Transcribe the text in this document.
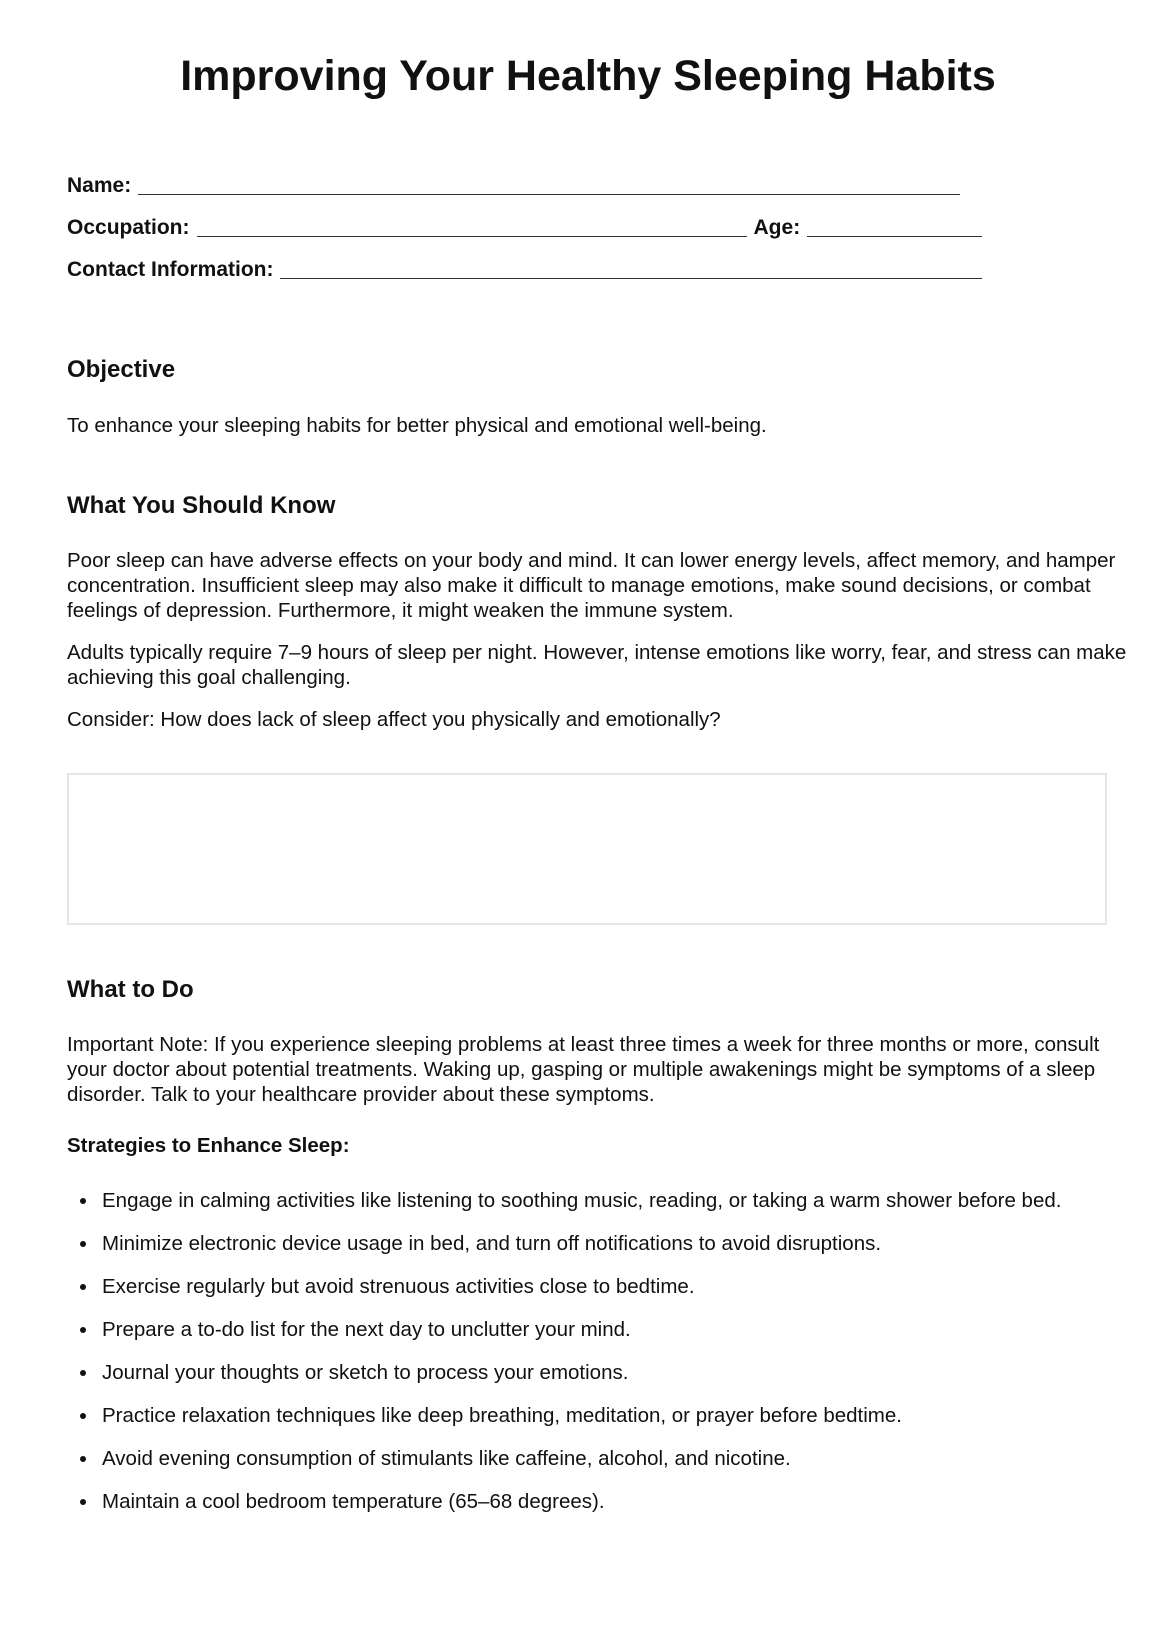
Improving Your Healthy Sleeping Habits
Name:
Occupation:	Age:
Contact Information:
Objective

To enhance your sleeping habits for better physical and emotional well-being.

What You Should Know

Poor sleep can have adverse effects on your body and mind. It can lower energy levels, affect memory, and hamper concentration. Insufficient sleep may also make it difficult to manage emotions, make sound decisions, or combat feelings of depression. Furthermore, it might weaken the immune system.

Adults typically require 7–9 hours of sleep per night. However, intense emotions like worry, fear, and stress can make achieving this goal challenging.

Consider: How does lack of sleep affect you physically and emotionally?

What to Do

Important Note: If you experience sleeping problems at least three times a week for three months or more, consult your doctor about potential treatments. Waking up, gasping or multiple awakenings might be symptoms of a sleep disorder. Talk to your healthcare provider about these symptoms.

Strategies to Enhance Sleep:
Engage in calming activities like listening to soothing music, reading, or taking a warm shower before bed.
Minimize electronic device usage in bed, and turn off notifications to avoid disruptions.
Exercise regularly but avoid strenuous activities close to bedtime.
Prepare a to-do list for the next day to unclutter your mind.
Journal your thoughts or sketch to process your emotions.
Practice relaxation techniques like deep breathing, meditation, or prayer before bedtime.
Avoid evening consumption of stimulants like caffeine, alcohol, and nicotine.
Maintain a cool bedroom temperature (65–68 degrees).
